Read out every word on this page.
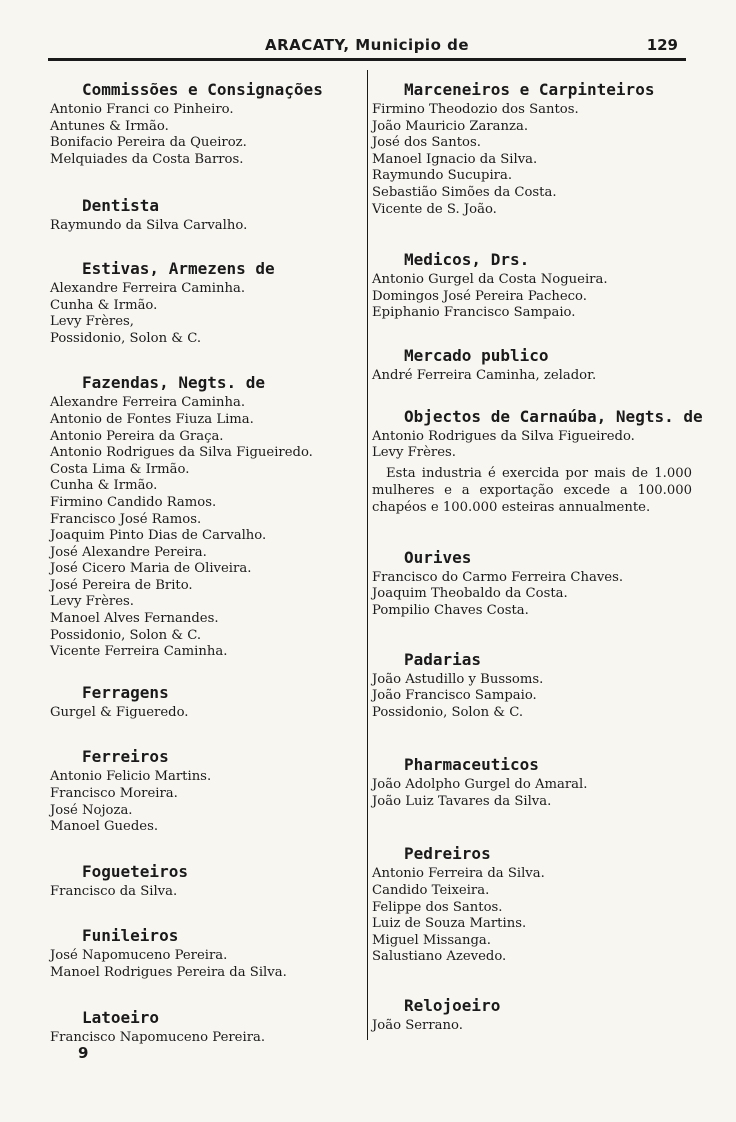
ARACATY, Municipio de	129
Commissões e Consignações
Antonio Franci co Pinheiro.
Antunes & Irmão.
Bonifacio Pereira da Queiroz.
Melquiades da Costa Barros.
Dentista
Raymundo da Silva Carvalho.
Estivas, Armezens de
Alexandre Ferreira Caminha.
Cunha & Irmão.
Levy Frères,
Possidonio, Solon & C.
Fazendas, Negts. de
Alexandre Ferreira Caminha.
Antonio de Fontes Fiuza Lima.
Antonio Pereira da Graça.
Antonio Rodrigues da Silva Figueiredo.
Costa Lima & Irmão.
Cunha & Irmão.
Firmino Candido Ramos.
Francisco José Ramos.
Joaquim Pinto Dias de Carvalho.
José Alexandre Pereira.
José Cicero Maria de Oliveira.
José Pereira de Brito.
Levy Frères.
Manoel Alves Fernandes.
Possidonio, Solon & C.
Vicente Ferreira Caminha.
Ferragens
Gurgel & Figueredo.
Ferreiros
Antonio Felicio Martins.
Francisco Moreira.
José Nojoza.
Manoel Guedes.
Fogueteiros
Francisco da Silva.
Funileiros
José Napomuceno Pereira.
Manoel Rodrigues Pereira da Silva.
Latoeiro
Francisco Napomuceno Pereira.
9
Marceneiros e Carpinteiros
Firmino Theodozio dos Santos.
João Mauricio Zaranza.
José dos Santos.
Manoel Ignacio da Silva.
Raymundo Sucupira.
Sebastião Simões da Costa.
Vicente de S. João.
Medicos, Drs.
Antonio Gurgel da Costa Nogueira.
Domingos José Pereira Pacheco.
Epiphanio Francisco Sampaio.
Mercado publico
André Ferreira Caminha, zelador.
Objectos de Carnaúba, Negts. de
Antonio Rodrigues da Silva Figueiredo.
Levy Frères.
Esta industria é exercida por mais de 1.000 mulheres e a exportação excede a 100.000 chapéos e 100.000 esteiras annualmente.
Ourives
Francisco do Carmo Ferreira Chaves.
Joaquim Theobaldo da Costa.
Pompilio Chaves Costa.
Padarias
João Astudillo y Bussoms.
João Francisco Sampaio.
Possidonio, Solon & C.
Pharmaceuticos
João Adolpho Gurgel do Amaral.
João Luiz Tavares da Silva.
Pedreiros
Antonio Ferreira da Silva.
Candido Teixeira.
Felippe dos Santos.
Luiz de Souza Martins.
Miguel Missanga.
Salustiano Azevedo.
Relojoeiro
João Serrano.
